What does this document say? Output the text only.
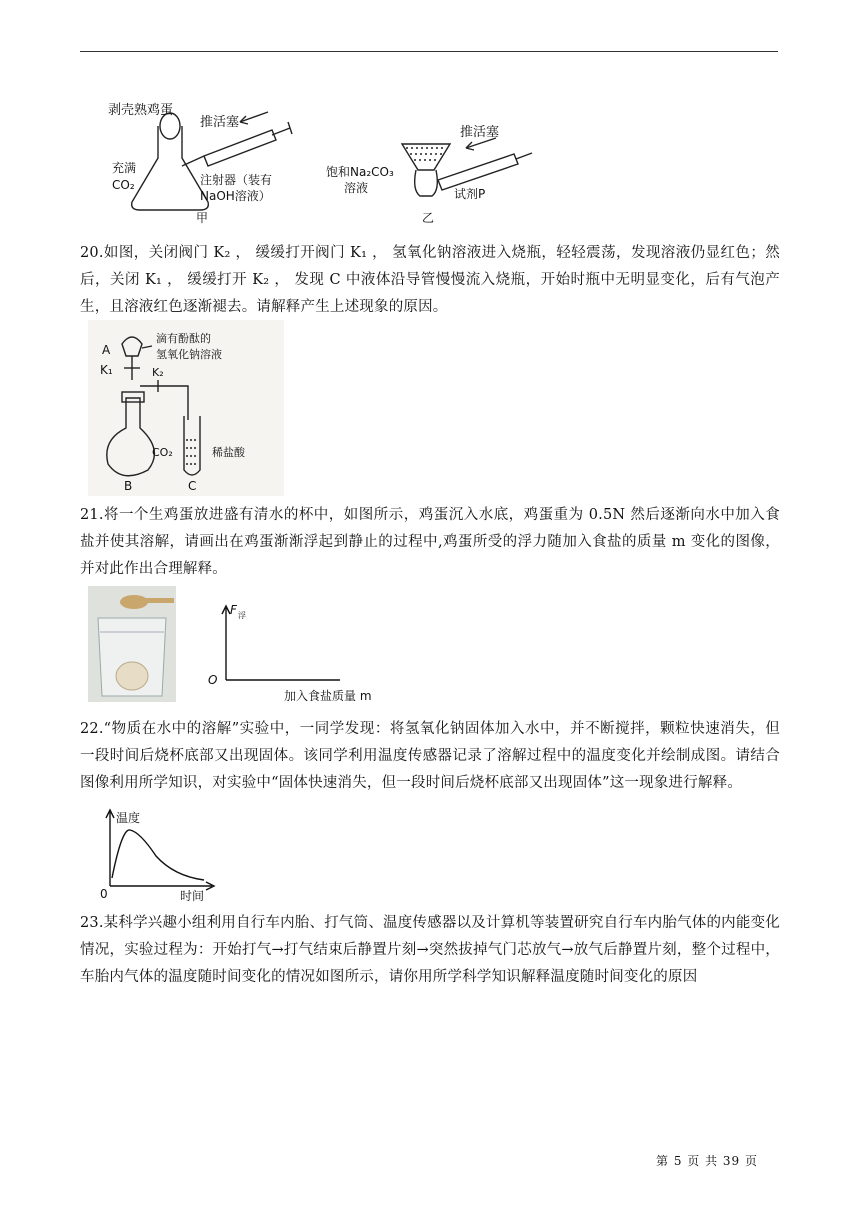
剥壳熟鸡蛋
推活塞
充满
CO₂	注射器（装有
NaOH溶液）
甲
推活塞
饱和Na₂CO₃
溶液	试剂P
乙
20.如图，关闭阀门 K₂ ， 缓缓打开阀门 K₁ ， 氢氧化钠溶液进入烧瓶，轻轻震荡，发现溶液仍显红色；然后，关闭 K₁ ， 缓缓打开 K₂ ， 发现 C 中液体沿导管慢慢流入烧瓶，开始时瓶中无明显变化，后有气泡产生，且溶液红色逐渐褪去。请解释产生上述现象的原因。
A
K₁	K₂
滴有酚酞的
氢氧化钠溶液
CO₂	稀盐酸
B	C
21.将一个生鸡蛋放进盛有清水的杯中，如图所示，鸡蛋沉入水底，鸡蛋重为 0.5N 然后逐渐向水中加入食盐并使其溶解，请画出在鸡蛋渐渐浮起到静止的过程中,鸡蛋所受的浮力随加入食盐的质量 m 变化的图像，并对此作出合理解释。
F 浮
O
加入食盐质量 m
22.“物质在水中的溶解”实验中，一同学发现：将氢氧化钠固体加入水中，并不断搅拌，颗粒快速消失，但一段时间后烧杯底部又出现固体。该同学利用温度传感器记录了溶解过程中的温度变化并绘制成图。请结合图像利用所学知识，对实验中“固体快速消失，但一段时间后烧杯底部又出现固体”这一现象进行解释。
温度
0	时间
23.某科学兴趣小组利用自行车内胎、打气筒、温度传感器以及计算机等装置研究自行车内胎气体的内能变化情况，实验过程为：开始打气→打气结束后静置片刻→突然拔掉气门芯放气→放气后静置片刻，整个过程中，车胎内气体的温度随时间变化的情况如图所示，请你用所学科学知识解释温度随时间变化的原因
第 5 页 共 39 页
